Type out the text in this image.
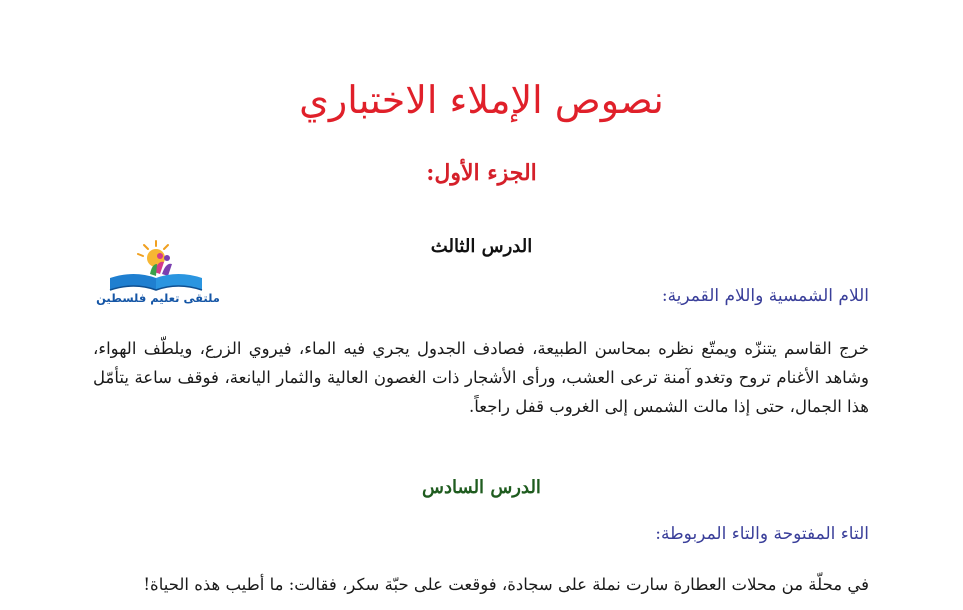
نصوص الإملاء الاختباري
الجزء الأول:
الدرس الثالث
ملتقى تعليم فلسطين	اللام الشمسية واللام القمرية:

خرج القاسم يتنزّه ويمتّع نظره بمحاسن الطبيعة، فصادف الجدول يجري فيه الماء، فيروي الزرع، ويلطّف الهواء، وشاهد الأغنام تروح وتغدو آمنة ترعى العشب، ورأى الأشجار ذات الغصون العالية والثمار اليانعة، فوقف ساعة يتأمّل هذا الجمال، حتى إذا مالت الشمس إلى الغروب قفل راجعاً.

الدرس السادس

التاء المفتوحة والتاء المربوطة:

في محلّة من محلات العطارة سارت نملة على سجادة، فوقعت على حبّة سكر، فقالت: ما أطيب هذه الحياة!
